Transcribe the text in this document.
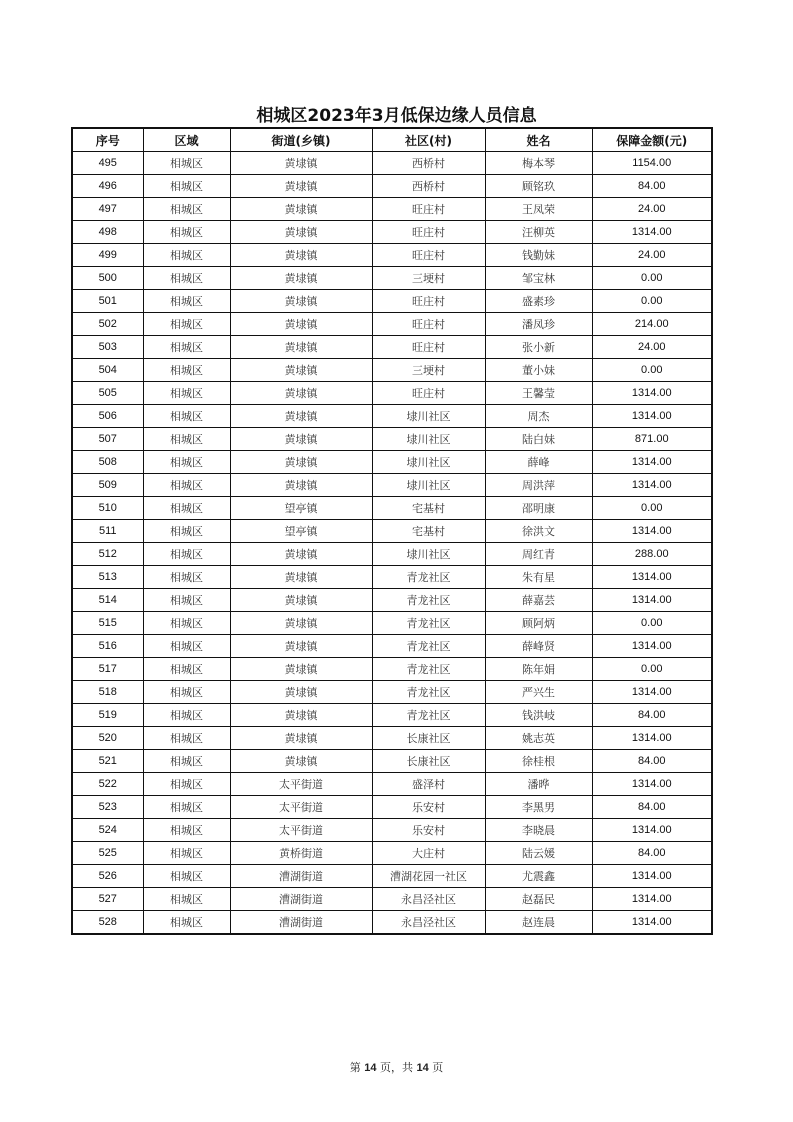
相城区2023年3月低保边缘人员信息
序号	区域	街道(乡镇)	社区(村)	姓名	保障金额(元)
495	相城区	黄埭镇	西桥村	梅本琴	1154.00
496	相城区	黄埭镇	西桥村	顾铭玖	84.00
497	相城区	黄埭镇	旺庄村	王凤荣	24.00
498	相城区	黄埭镇	旺庄村	汪柳英	1314.00
499	相城区	黄埭镇	旺庄村	钱勤妹	24.00
500	相城区	黄埭镇	三埂村	邹宝林	0.00
501	相城区	黄埭镇	旺庄村	盛素珍	0.00
502	相城区	黄埭镇	旺庄村	潘凤珍	214.00
503	相城区	黄埭镇	旺庄村	张小新	24.00
504	相城区	黄埭镇	三埂村	董小妹	0.00
505	相城区	黄埭镇	旺庄村	王馨莹	1314.00
506	相城区	黄埭镇	埭川社区	周杰	1314.00
507	相城区	黄埭镇	埭川社区	陆白妹	871.00
508	相城区	黄埭镇	埭川社区	薛峰	1314.00
509	相城区	黄埭镇	埭川社区	周洪萍	1314.00
510	相城区	望亭镇	宅基村	邵明康	0.00
511	相城区	望亭镇	宅基村	徐洪文	1314.00
512	相城区	黄埭镇	埭川社区	周红青	288.00
513	相城区	黄埭镇	青龙社区	朱有星	1314.00
514	相城区	黄埭镇	青龙社区	薛嘉芸	1314.00
515	相城区	黄埭镇	青龙社区	顾阿炳	0.00
516	相城区	黄埭镇	青龙社区	薛峰贤	1314.00
517	相城区	黄埭镇	青龙社区	陈年娟	0.00
518	相城区	黄埭镇	青龙社区	严兴生	1314.00
519	相城区	黄埭镇	青龙社区	钱洪岐	84.00
520	相城区	黄埭镇	长康社区	姚志英	1314.00
521	相城区	黄埭镇	长康社区	徐桂根	84.00
522	相城区	太平街道	盛泽村	潘晔	1314.00
523	相城区	太平街道	乐安村	李黑男	84.00
524	相城区	太平街道	乐安村	李晓晨	1314.00
525	相城区	黄桥街道	大庄村	陆云媛	84.00
526	相城区	漕湖街道	漕湖花园一社区	尤震鑫	1314.00
527	相城区	漕湖街道	永昌泾社区	赵磊民	1314.00
528	相城区	漕湖街道	永昌泾社区	赵连晨	1314.00
第 14 页，共 14 页
